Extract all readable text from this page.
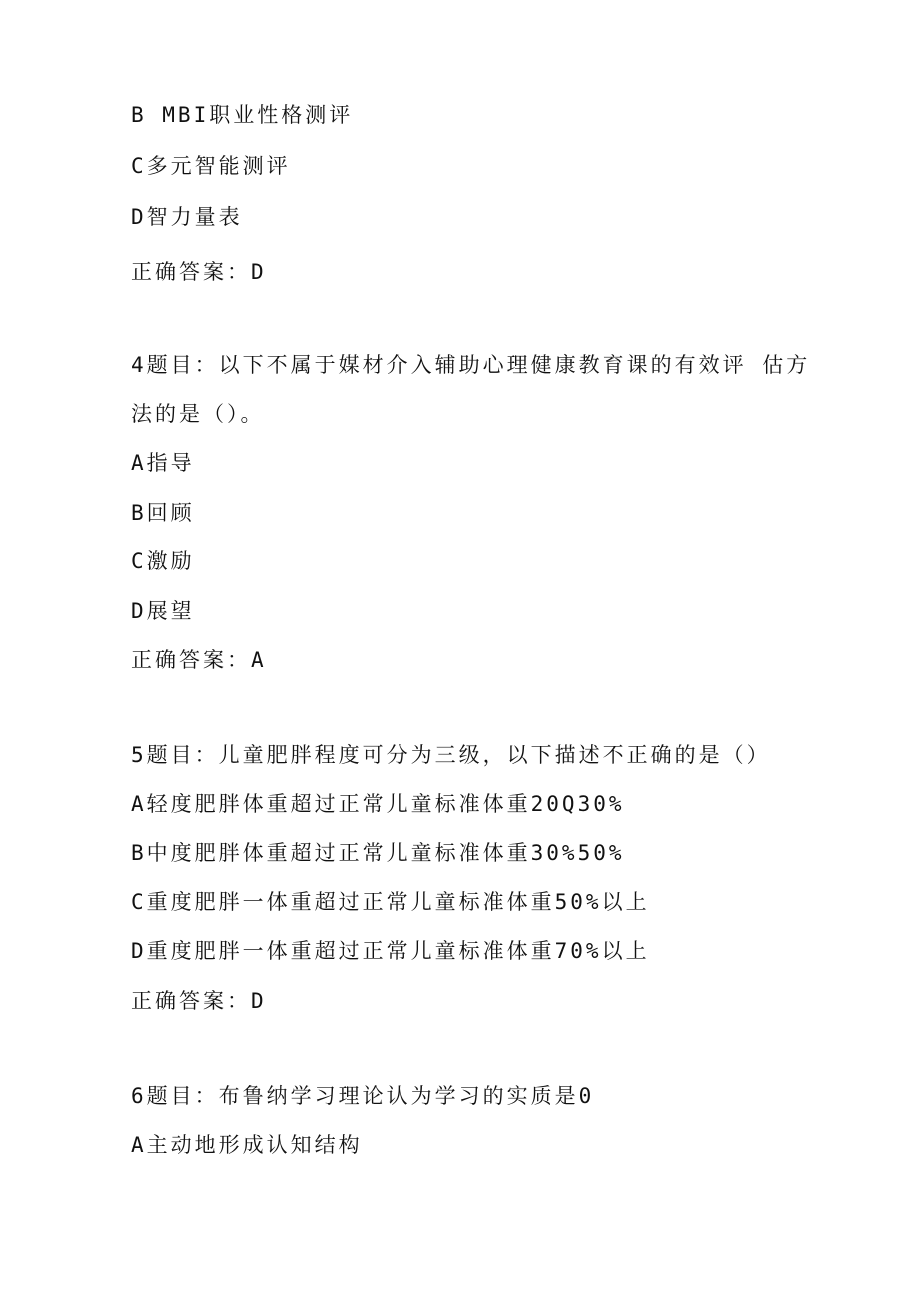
B MBI职业性格测评
C多元智能测评
D智力量表
正确答案：D
4题目：以下不属于媒材介入辅助心理健康教育课的有效评 估方
法的是（）。
A指导
B回顾
C激励
D展望
正确答案：A
5题目：儿童肥胖程度可分为三级，以下描述不正确的是（）
A轻度肥胖体重超过正常儿童标准体重20Q30%
B中度肥胖体重超过正常儿童标准体重30%50%
C重度肥胖一体重超过正常儿童标准体重50%以上
D重度肥胖一体重超过正常儿童标准体重70%以上
正确答案：D
6题目：布鲁纳学习理论认为学习的实质是0
A主动地形成认知结构
